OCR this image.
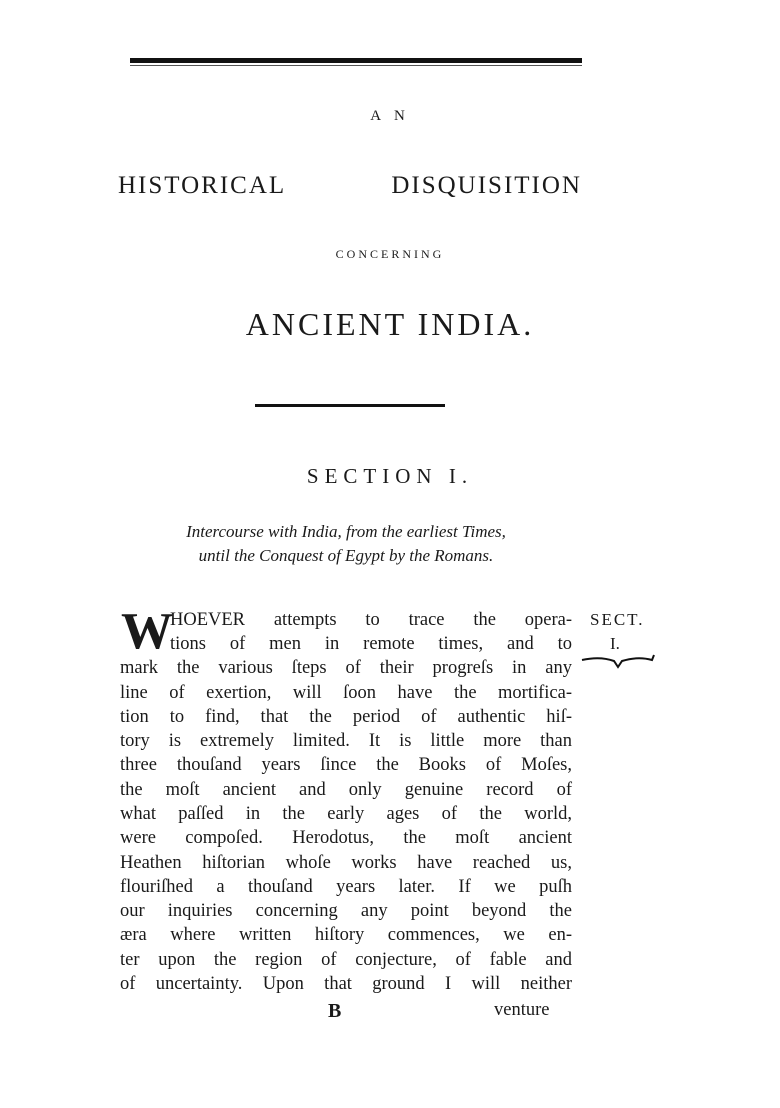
A N
HISTORICAL DISQUISITION
CONCERNING
ANCIENT INDIA.
SECTION I.
Intercourse with India, from the earliest Times,
until the Conquest of Egypt by the Romans.
W
HOEVER attempts to trace the opera-
tions of men in remote times, and to
mark the various ſteps of their progreſs in any
line of exertion, will ſoon have the mortifica-
tion to find, that the period of authentic hiſ-
tory is extremely limited. It is little more than
three thouſand years ſince the Books of Moſes,
the moſt ancient and only genuine record of
what paſſed in the early ages of the world,
were compoſed. Herodotus, the moſt ancient
Heathen hiſtorian whoſe works have reached us,
flouriſhed a thouſand years later. If we puſh
our inquiries concerning any point beyond the
æra where written hiſtory commences, we en-
ter upon the region of conjecture, of fable and
of uncertainty. Upon that ground I will neither
SECT.
I.
B	venture
